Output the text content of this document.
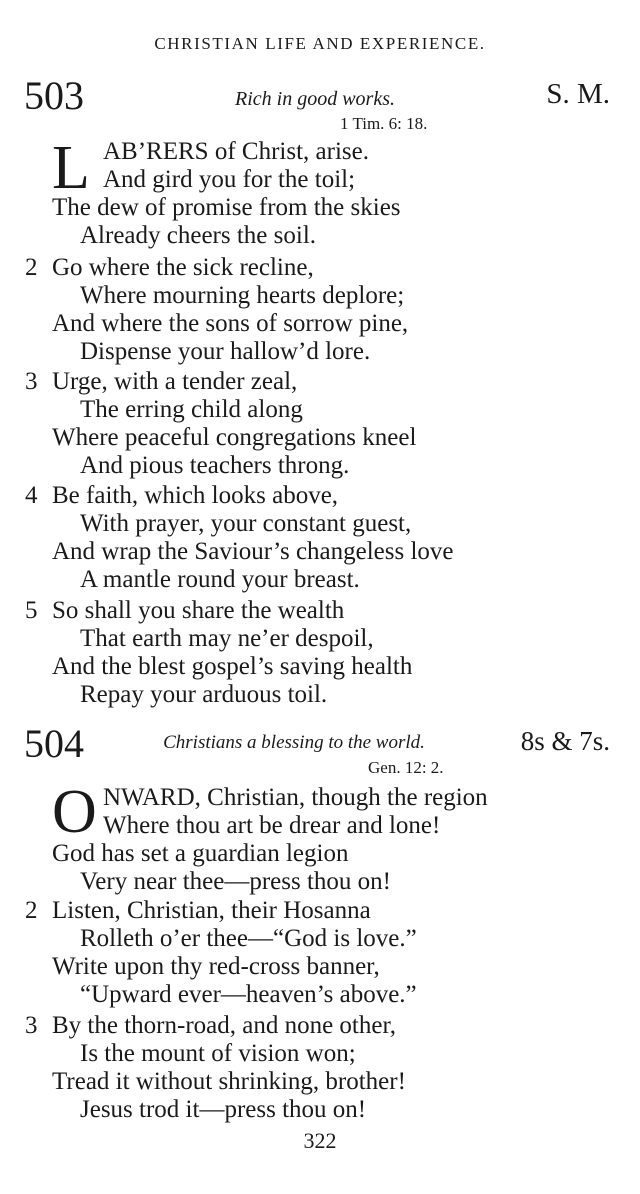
CHRISTIAN LIFE AND EXPERIENCE.
503	Rich in good works.	S. M.
1 Tim. 6: 18.
L AB’RERS of Christ, arise.
And gird you for the toil;
The dew of promise from the skies
Already cheers the soil.
2 Go where the sick recline,
Where mourning hearts deplore;
And where the sons of sorrow pine,
Dispense your hallow’d lore.
3 Urge, with a tender zeal,
The erring child along
Where peaceful congregations kneel
And pious teachers throng.
4 Be faith, which looks above,
With prayer, your constant guest,
And wrap the Saviour’s changeless love
A mantle round your breast.
5 So shall you share the wealth
That earth may ne’er despoil,
And the blest gospel’s saving health
Repay your arduous toil.
504	Christians a blessing to the world.	8s & 7s.
Gen. 12: 2.
O NWARD, Christian, though the region
Where thou art be drear and lone!
God has set a guardian legion
Very near thee—press thou on!
2 Listen, Christian, their Hosanna
Rolleth o’er thee—“God is love.”
Write upon thy red-cross banner,
“Upward ever—heaven’s above.”
3 By the thorn-road, and none other,
Is the mount of vision won;
Tread it without shrinking, brother!
Jesus trod it—press thou on!
322
